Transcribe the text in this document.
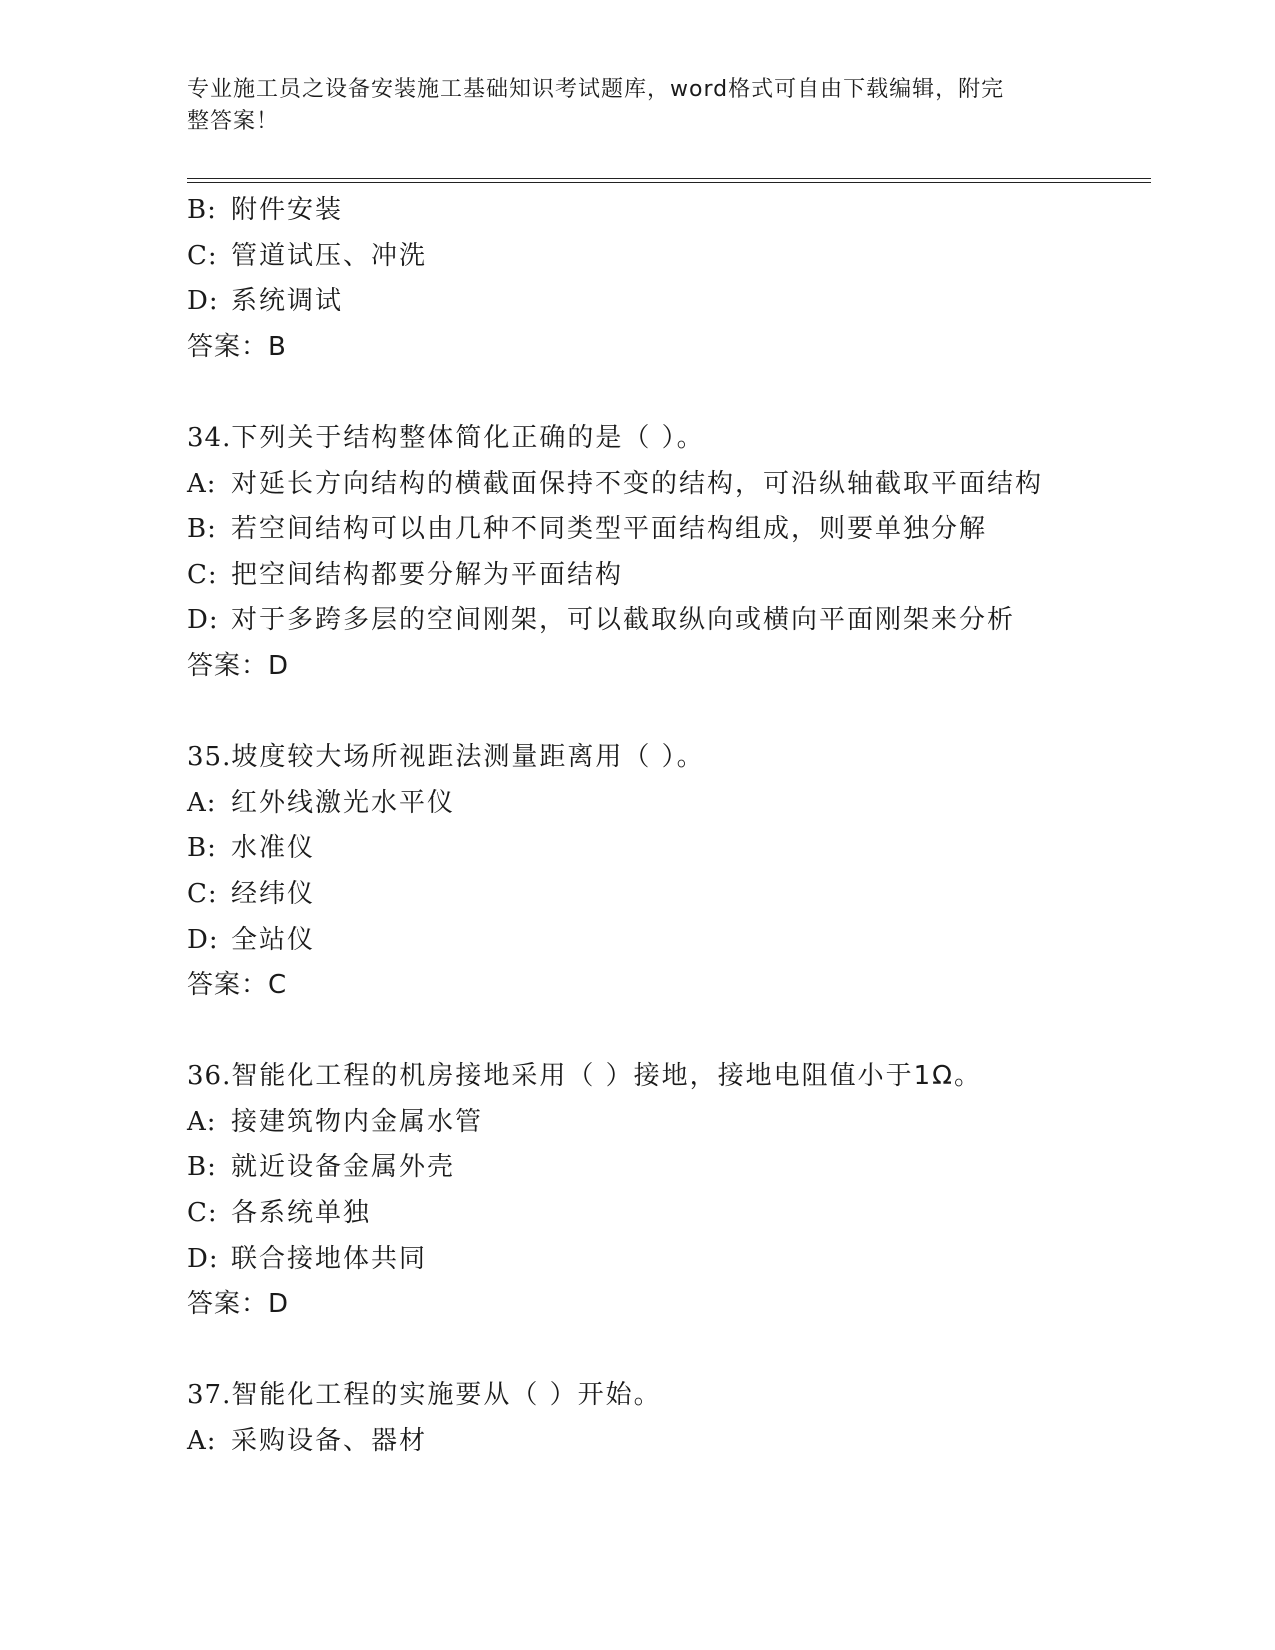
专业施工员之设备安装施工基础知识考试题库，word格式可自由下载编辑，附完
整答案！
B: 附件安装
C: 管道试压、冲洗
D: 系统调试
答案：B
34.下列关于结构整体简化正确的是（ ）。
A: 对延长方向结构的横截面保持不变的结构，可沿纵轴截取平面结构
B: 若空间结构可以由几种不同类型平面结构组成，则要单独分解
C: 把空间结构都要分解为平面结构
D: 对于多跨多层的空间刚架，可以截取纵向或横向平面刚架来分析
答案：D
35.坡度较大场所视距法测量距离用（ ）。
A: 红外线激光水平仪
B: 水准仪
C: 经纬仪
D: 全站仪
答案：C
36.智能化工程的机房接地采用（ ）接地，接地电阻值小于1Ω。
A: 接建筑物内金属水管
B: 就近设备金属外壳
C: 各系统单独
D: 联合接地体共同
答案：D
37.智能化工程的实施要从（ ）开始。
A: 采购设备、器材
